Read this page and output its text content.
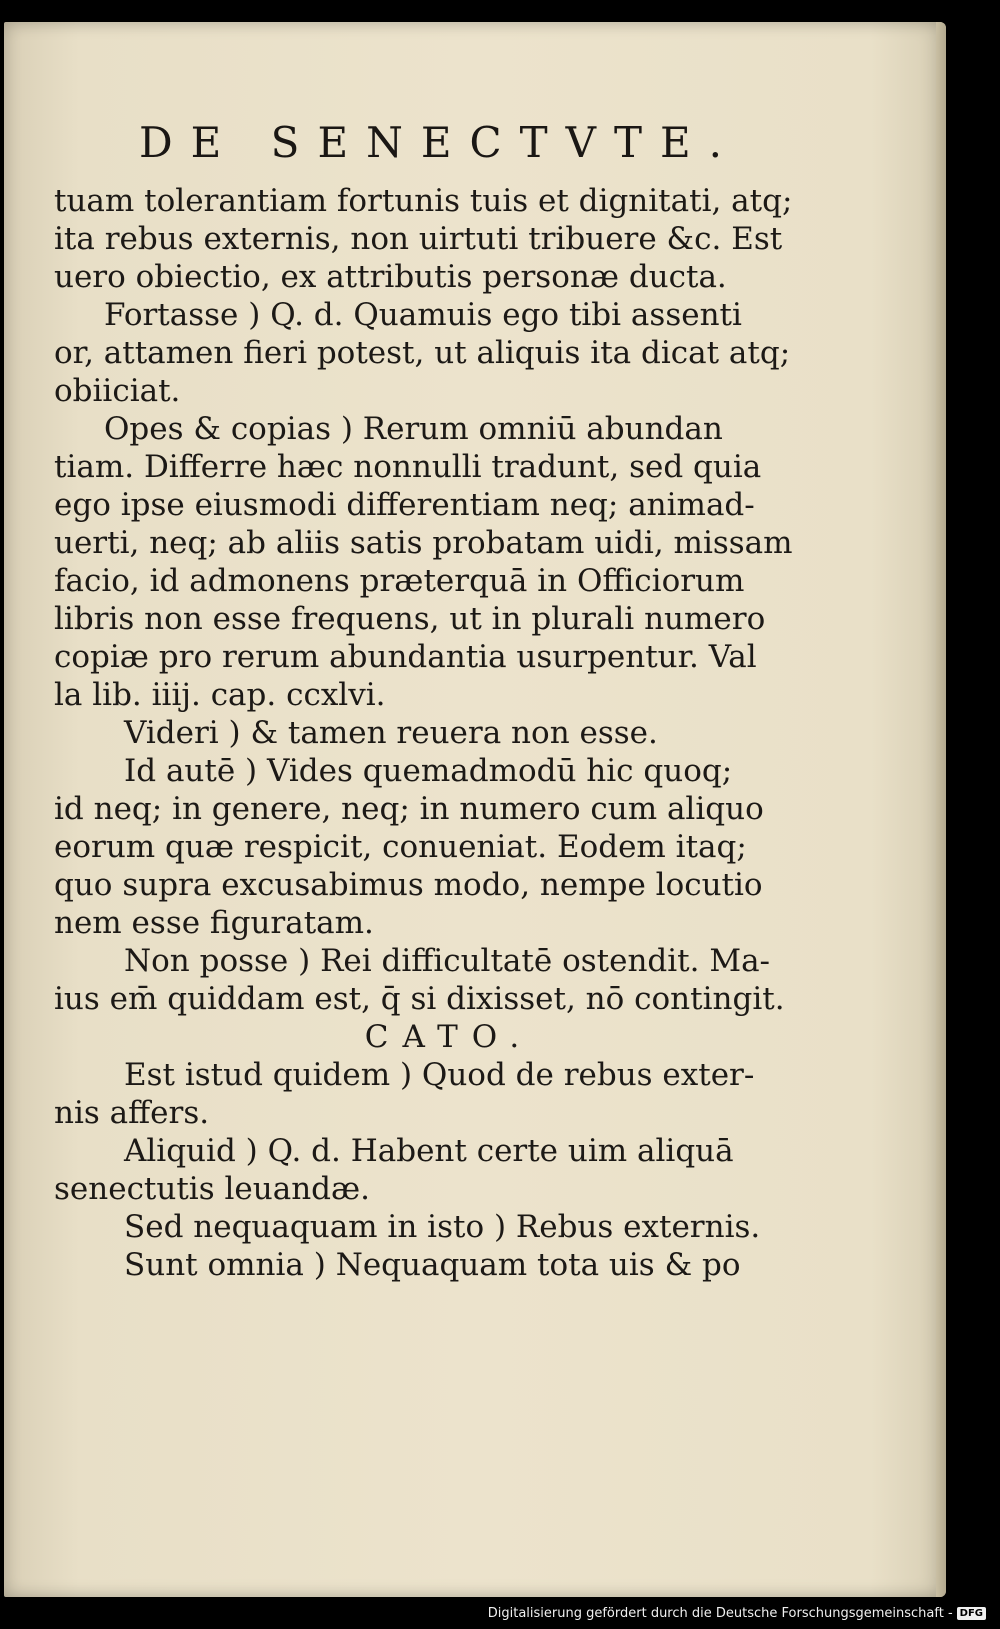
DE SENECTVTE.
tuam tolerantiam fortunis tuis et dignitati, atq;
ita rebus externis, non uirtuti tribuere &c. Est
uero obiectio, ex attributis personæ ducta.
Fortasse ) Q. d. Quamuis ego tibi assenti
or, attamen fieri potest, ut aliquis ita dicat atq;
obiiciat.
Opes & copias ) Rerum omniū abundan
tiam. Differre hæc nonnulli tradunt, sed quia
ego ipse eiusmodi differentiam neq; animad-
uerti, neq; ab aliis satis probatam uidi, missam
facio, id admonens præterquā in Officiorum
libris non esse frequens, ut in plurali numero
copiæ pro rerum abundantia usurpentur. Val
la lib. iiij. cap. ccxlvi.
Videri ) & tamen reuera non esse.
Id autē ) Vides quemadmodū hic quoq;
id neq; in genere, neq; in numero cum aliquo
eorum quæ respicit, conueniat. Eodem itaq;
quo supra excusabimus modo, nempe locutio
nem esse figuratam.
Non posse ) Rei difficultatē ostendit. Ma-
ius em̄ quiddam est, q̄ si dixisset, nō contingit.
CATO.
Est istud quidem ) Quod de rebus exter-
nis affers.
Aliquid ) Q. d. Habent certe uim aliquā
senectutis leuandæ.
Sed nequaquam in isto ) Rebus externis.
Sunt omnia ) Nequaquam tota uis & po
Digitalisierung gefördert durch die Deutsche Forschungsgemeinschaft - DFG
